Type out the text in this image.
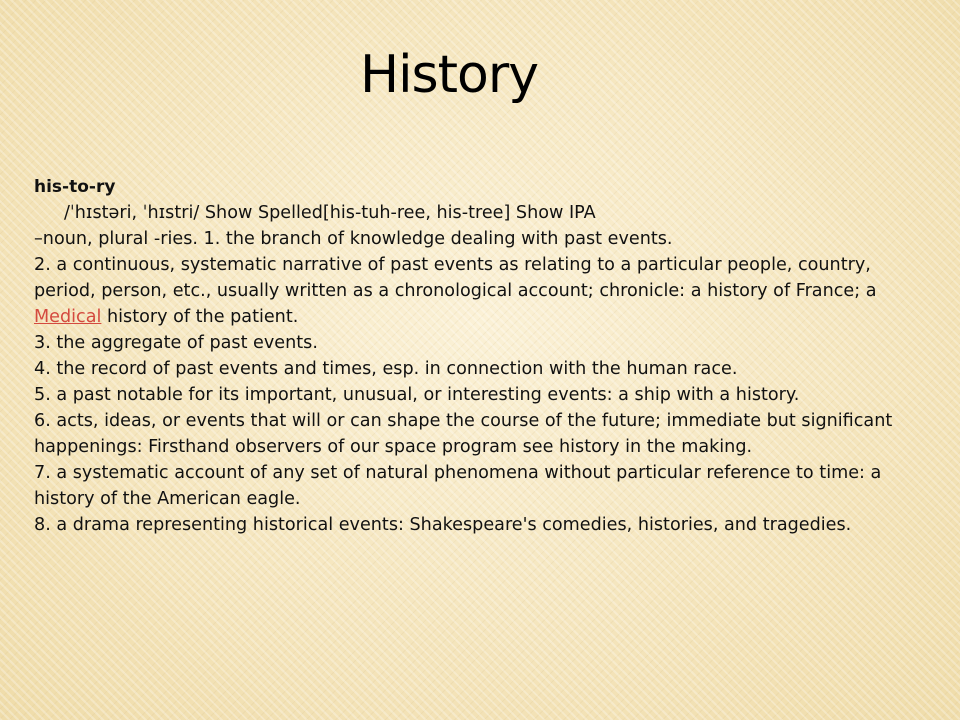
History

his-to-ry

/ˈhɪstəri, ˈhɪstri/ Show Spelled[his-tuh-ree, his-tree] Show IPA

–noun, plural -ries. 1. the branch of knowledge dealing with past events.

2. a continuous, systematic narrative of past events as relating to a particular people, country, period, person, etc., usually written as a chronological account; chronicle: a history of France; a Medical history of the patient.

3. the aggregate of past events.

4. the record of past events and times, esp. in connection with the human race.

5. a past notable for its important, unusual, or interesting events: a ship with a history.

6. acts, ideas, or events that will or can shape the course of the future; immediate but significant happenings: Firsthand observers of our space program see history in the making.

7. a systematic account of any set of natural phenomena without particular reference to time: a history of the American eagle.

8. a drama representing historical events: Shakespeare's comedies, histories, and tragedies.
